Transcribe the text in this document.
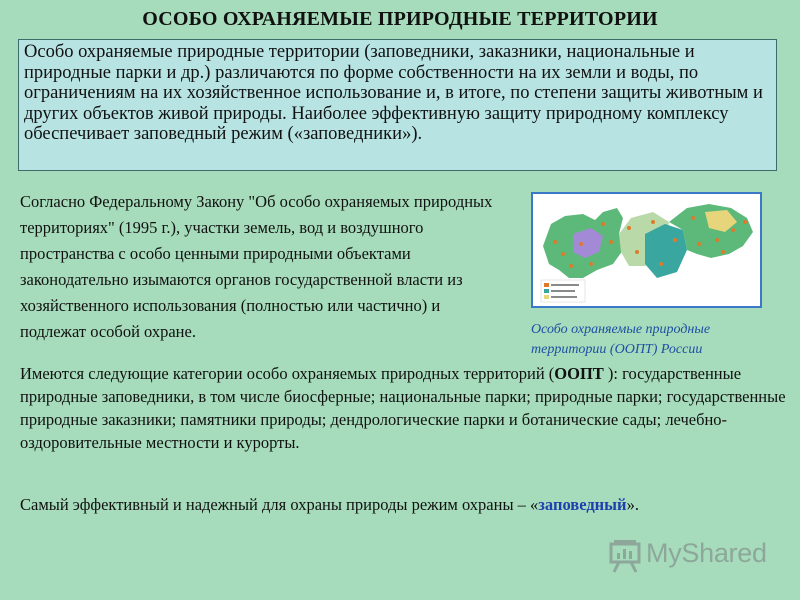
ОСОБО ОХРАНЯЕМЫЕ ПРИРОДНЫЕ ТЕРРИТОРИИ
Особо охраняемые природные территории (заповедники, заказники, национальные и природные парки и др.) различаются по форме собственности на их земли и воды, по ограничениям на их хозяйственное использование и, в итоге, по степени защиты животным и других объектов живой природы. Наиболее эффективную защиту природному комплексу обеспечивает заповедный режим («заповедники»).
Согласно Федеральному Закону "Об особо охраняемых природных территориях" (1995 г.), участки земель, вод и воздушного пространства с особо ценными природными объектами законодательно изымаются органов государственной власти из хозяйственного использования (полностью или частично) и подлежат особой охране.	Особо охраняемые природные территории (ООПТ) России
Имеются следующие категории особо охраняемых природных территорий (ООПТ ): государственные природные заповедники, в том числе биосферные; национальные парки; природные парки; государственные природные заказники; памятники природы; дендрологические парки и ботанические сады; лечебно-оздоровительные местности и курорты.
Самый эффективный и надежный для охраны природы режим охраны – «заповедный».
MyShared
